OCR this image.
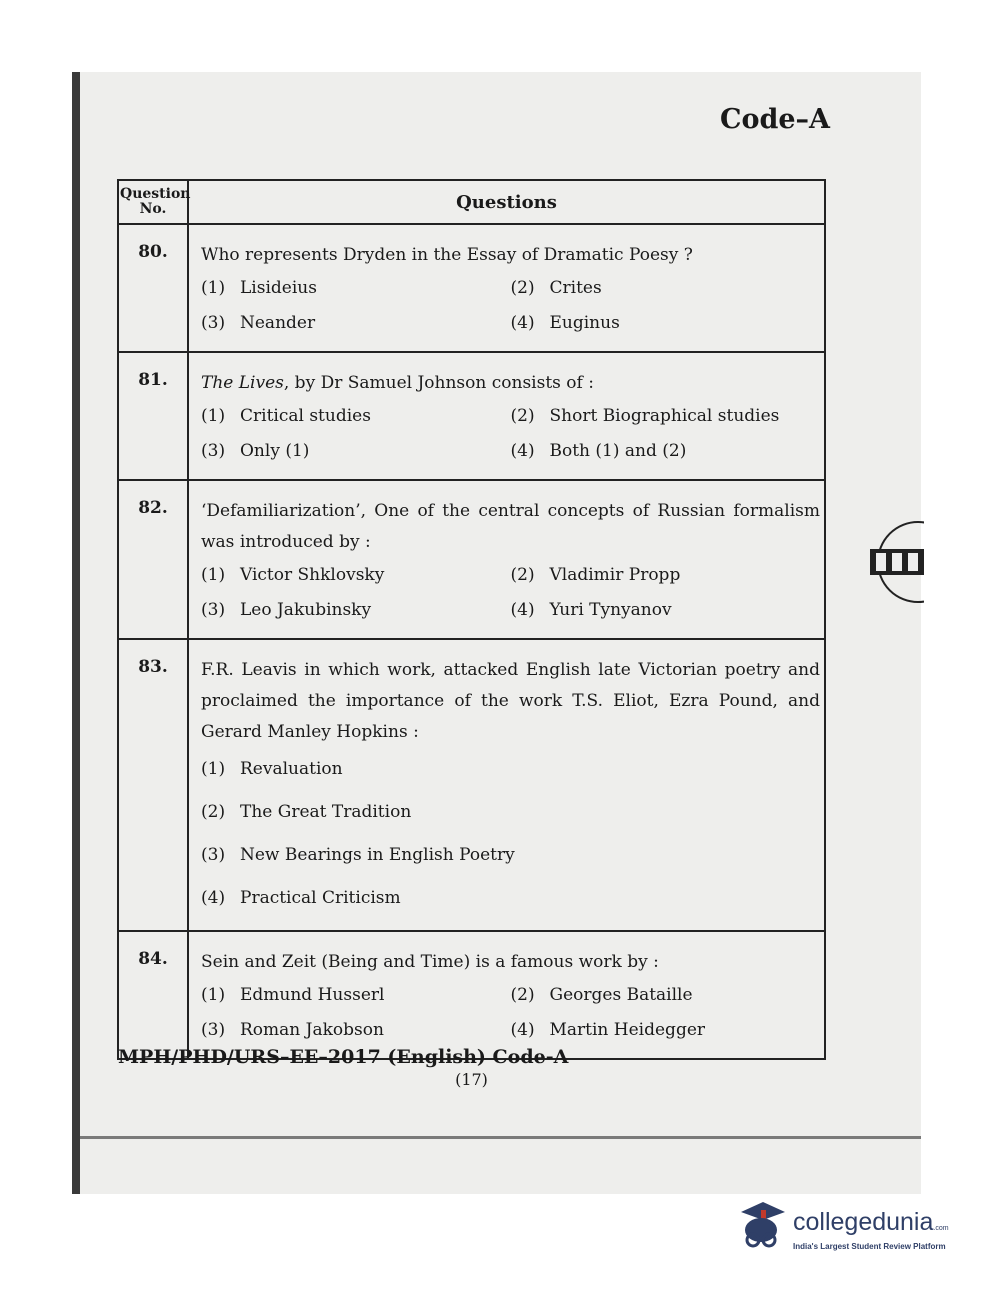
Code–A
Question No.	Questions
80.	Who represents Dryden in the Essay of Dramatic Poesy ?
(1) Lisideius (2) Crites
(3) Neander (4) Euginus

81.	The Lives, by Dr Samuel Johnson consists of :
(1) Critical studies (2) Short Biographical studies
(3) Only (1) (4) Both (1) and (2)

82.	‘Defamiliarization’, One of the central concepts of Russian formalism was introduced by :
(1) Victor Shklovsky (2) Vladimir Propp
(3) Leo Jakubinsky (4) Yuri Tynyanov

83.	F.R. Leavis in which work, attacked English late Victorian poetry and proclaimed the importance of the work T.S. Eliot, Ezra Pound, and Gerard Manley Hopkins :
(1) Revaluation
(2) The Great Tradition
(3) New Bearings in English Poetry
(4) Practical Criticism

84.	Sein and Zeit (Being and Time) is a famous work by :
(1) Edmund Husserl (2) Georges Bataille
(3) Roman Jakobson (4) Martin Heidegger
MPH/PHD/URS–EE–2017 (English) Code-A
(17)
collegedunia.com
India's Largest Student Review Platform
